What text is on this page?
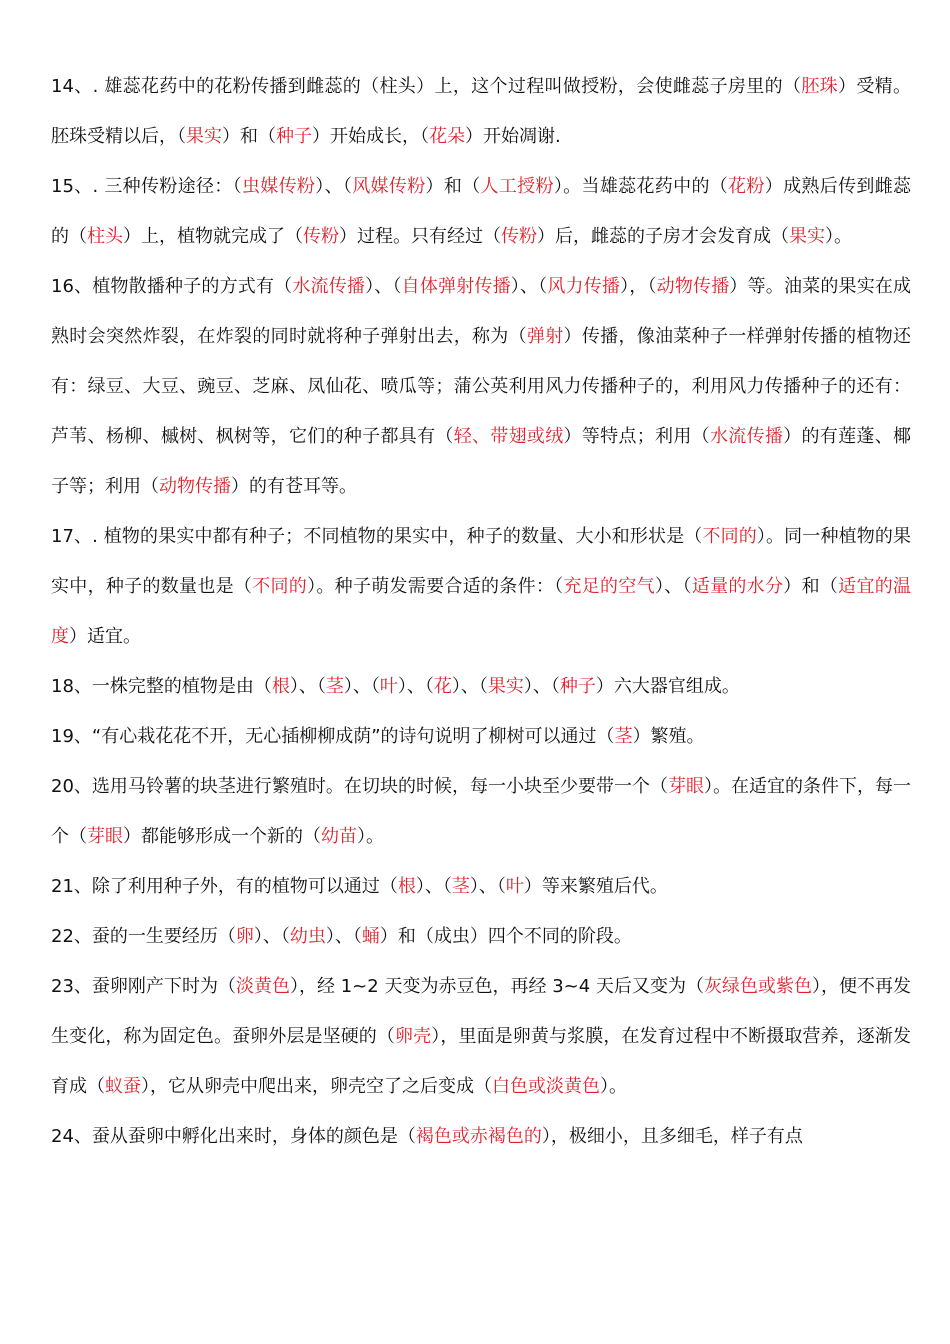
14、. 雄蕊花药中的花粉传播到雌蕊的（柱头）上，这个过程叫做授粉，会使雌蕊子房里的（胚珠）受精。胚珠受精以后，（果实）和（种子）开始成长，（花朵）开始凋谢.

15、. 三种传粉途径：（虫媒传粉）、（风媒传粉）和（人工授粉）。当雄蕊花药中的（花粉）成熟后传到雌蕊的（柱头）上，植物就完成了（传粉）过程。只有经过（传粉）后，雌蕊的子房才会发育成（果实）。

16、植物散播种子的方式有（水流传播）、（自体弹射传播）、（风力传播），（动物传播）等。油菜的果实在成熟时会突然炸裂，在炸裂的同时就将种子弹射出去，称为（弹射）传播，像油菜种子一样弹射传播的植物还有：绿豆、大豆、豌豆、芝麻、凤仙花、喷瓜等；蒲公英利用风力传播种子的，利用风力传播种子的还有：芦苇、杨柳、槭树、枫树等，它们的种子都具有（轻、带翅或绒）等特点；利用（水流传播）的有莲蓬、椰子等；利用（动物传播）的有苍耳等。

17、. 植物的果实中都有种子；不同植物的果实中，种子的数量、大小和形状是（不同的）。同一种植物的果实中，种子的数量也是（不同的）。种子萌发需要合适的条件：（充足的空气）、（适量的水分）和（适宜的温度）适宜。

18、一株完整的植物是由（根）、（茎）、（叶）、（花）、（果实）、（种子）六大器官组成。

19、“有心栽花花不开，无心插柳柳成荫”的诗句说明了柳树可以通过（茎）繁殖。

20、选用马铃薯的块茎进行繁殖时。在切块的时候，每一小块至少要带一个（芽眼）。在适宜的条件下，每一个（芽眼）都能够形成一个新的（幼苗）。

21、除了利用种子外，有的植物可以通过（根）、（茎）、（叶）等来繁殖后代。

22、蚕的一生要经历（卵）、（幼虫）、（蛹）和（成虫）四个不同的阶段。

23、蚕卵刚产下时为（淡黄色），经 1~2 天变为赤豆色，再经 3~4 天后又变为（灰绿色或紫色），便不再发生变化，称为固定色。蚕卵外层是坚硬的（卵壳），里面是卵黄与浆膜，在发育过程中不断摄取营养，逐渐发育成（蚁蚕），它从卵壳中爬出来，卵壳空了之后变成（白色或淡黄色）。

24、蚕从蚕卵中孵化出来时，身体的颜色是（褐色或赤褐色的），极细小，且多细毛，样子有点
